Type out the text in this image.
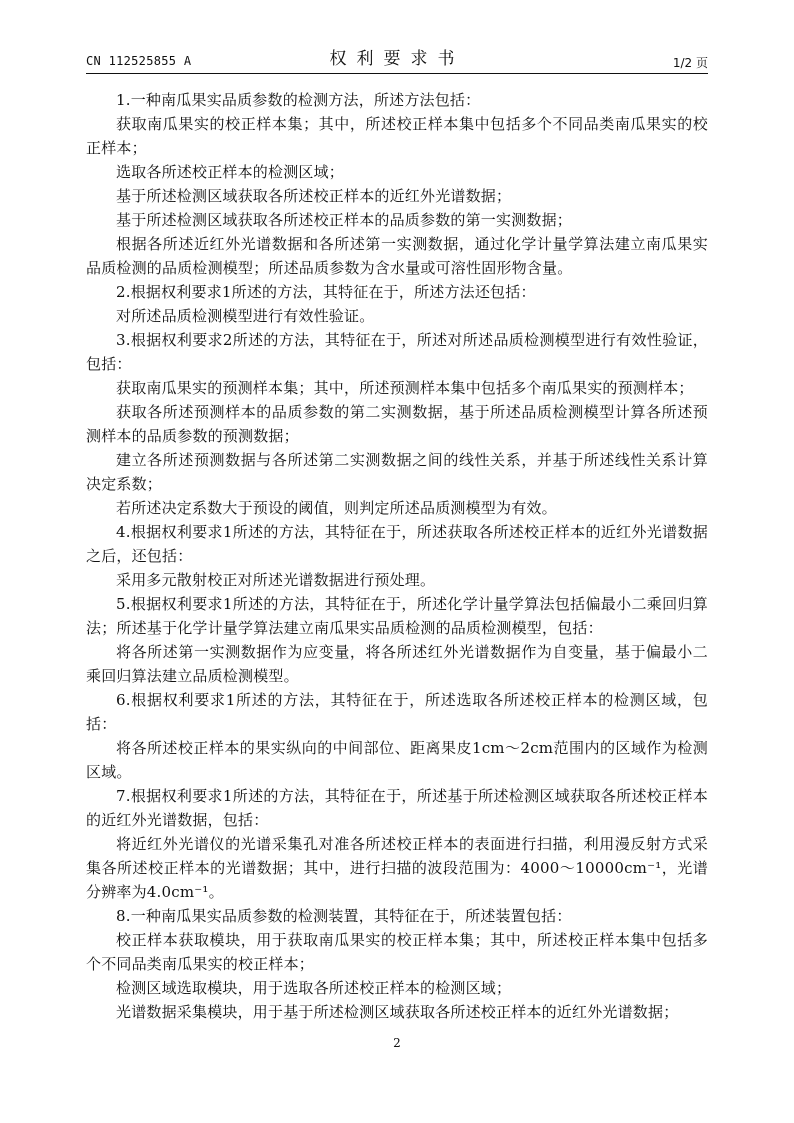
CN 112525855 A	权利要求书	1/2 页

1.一种南瓜果实品质参数的检测方法，所述方法包括：

获取南瓜果实的校正样本集；其中，所述校正样本集中包括多个不同品类南瓜果实的校正样本；

选取各所述校正样本的检测区域；

基于所述检测区域获取各所述校正样本的近红外光谱数据；

基于所述检测区域获取各所述校正样本的品质参数的第一实测数据；

根据各所述近红外光谱数据和各所述第一实测数据，通过化学计量学算法建立南瓜果实品质检测的品质检测模型；所述品质参数为含水量或可溶性固形物含量。

2.根据权利要求1所述的方法，其特征在于，所述方法还包括：

对所述品质检测模型进行有效性验证。

3.根据权利要求2所述的方法，其特征在于，所述对所述品质检测模型进行有效性验证，包括：

获取南瓜果实的预测样本集；其中，所述预测样本集中包括多个南瓜果实的预测样本；

获取各所述预测样本的品质参数的第二实测数据，基于所述品质检测模型计算各所述预测样本的品质参数的预测数据；

建立各所述预测数据与各所述第二实测数据之间的线性关系，并基于所述线性关系计算决定系数；

若所述决定系数大于预设的阈值，则判定所述品质测模型为有效。

4.根据权利要求1所述的方法，其特征在于，所述获取各所述校正样本的近红外光谱数据之后，还包括：

采用多元散射校正对所述光谱数据进行预处理。

5.根据权利要求1所述的方法，其特征在于，所述化学计量学算法包括偏最小二乘回归算法；所述基于化学计量学算法建立南瓜果实品质检测的品质检测模型，包括：

将各所述第一实测数据作为应变量，将各所述红外光谱数据作为自变量，基于偏最小二乘回归算法建立品质检测模型。

6.根据权利要求1所述的方法，其特征在于，所述选取各所述校正样本的检测区域，包括：

将各所述校正样本的果实纵向的中间部位、距离果皮1cm～2cm范围内的区域作为检测区域。

7.根据权利要求1所述的方法，其特征在于，所述基于所述检测区域获取各所述校正样本的近红外光谱数据，包括：

将近红外光谱仪的光谱采集孔对准各所述校正样本的表面进行扫描，利用漫反射方式采集各所述校正样本的光谱数据；其中，进行扫描的波段范围为：4000～10000cm⁻¹，光谱分辨率为4.0cm⁻¹。

8.一种南瓜果实品质参数的检测装置，其特征在于，所述装置包括：

校正样本获取模块，用于获取南瓜果实的校正样本集；其中，所述校正样本集中包括多个不同品类南瓜果实的校正样本；

检测区域选取模块，用于选取各所述校正样本的检测区域；

光谱数据采集模块，用于基于所述检测区域获取各所述校正样本的近红外光谱数据；

2
